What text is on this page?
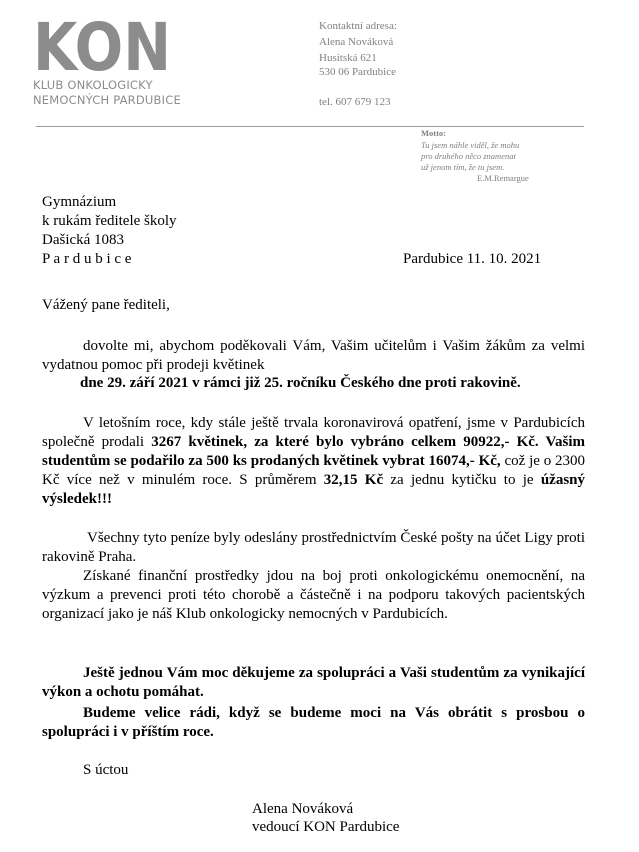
KON
KLUB ONKOLOGICKY
NEMOCNÝCH PARDUBICE
Kontaktní adresa:
Alena Nováková
Husitská 621
530 06 Pardubice
tel. 607 679 123
Motto:
Tu jsem náhle viděl, že mohu
pro druhého něco znamenat
už jenom tím, že tu jsem.
E.M.Remargue
Gymnázium
k rukám ředitele školy
Dašická 1083
P a r d u b i c e	Pardubice 11. 10. 2021
Vážený pane řediteli,
dovolte mi, abychom poděkovali Vám, Vašim učitelům i Vašim žákům za velmi vydatnou pomoc při prodeji květinek
dne 29. září 2021 v rámci již 25. ročníku Českého dne proti rakovině.
V letošním roce, kdy stále ještě trvala koronavirová opatření, jsme v Pardubicích společně prodali 3267 květinek, za které bylo vybráno celkem 90922,- Kč. Vašim studentům se podařilo za 500 ks prodaných květinek vybrat 16074,- Kč, což je o 2300 Kč více než v minulém roce. S průměrem 32,15 Kč za jednu kytičku to je úžasný výsledek!!!
Všechny tyto peníze byly odeslány prostřednictvím České pošty na účet Ligy proti rakovině Praha.
Získané finanční prostředky jdou na boj proti onkologickému onemocnění, na výzkum a prevenci proti této chorobě a částečně i na podporu takových pacientských organizací jako je náš Klub onkologicky nemocných v Pardubicích.
Ještě jednou Vám moc děkujeme za spolupráci a Vaši studentům za vynikající výkon a ochotu pomáhat.
Budeme velice rádi, když se budeme moci na Vás obrátit s prosbou o spolupráci i v příštím roce.
S úctou
Alena Nováková
vedoucí KON Pardubice
